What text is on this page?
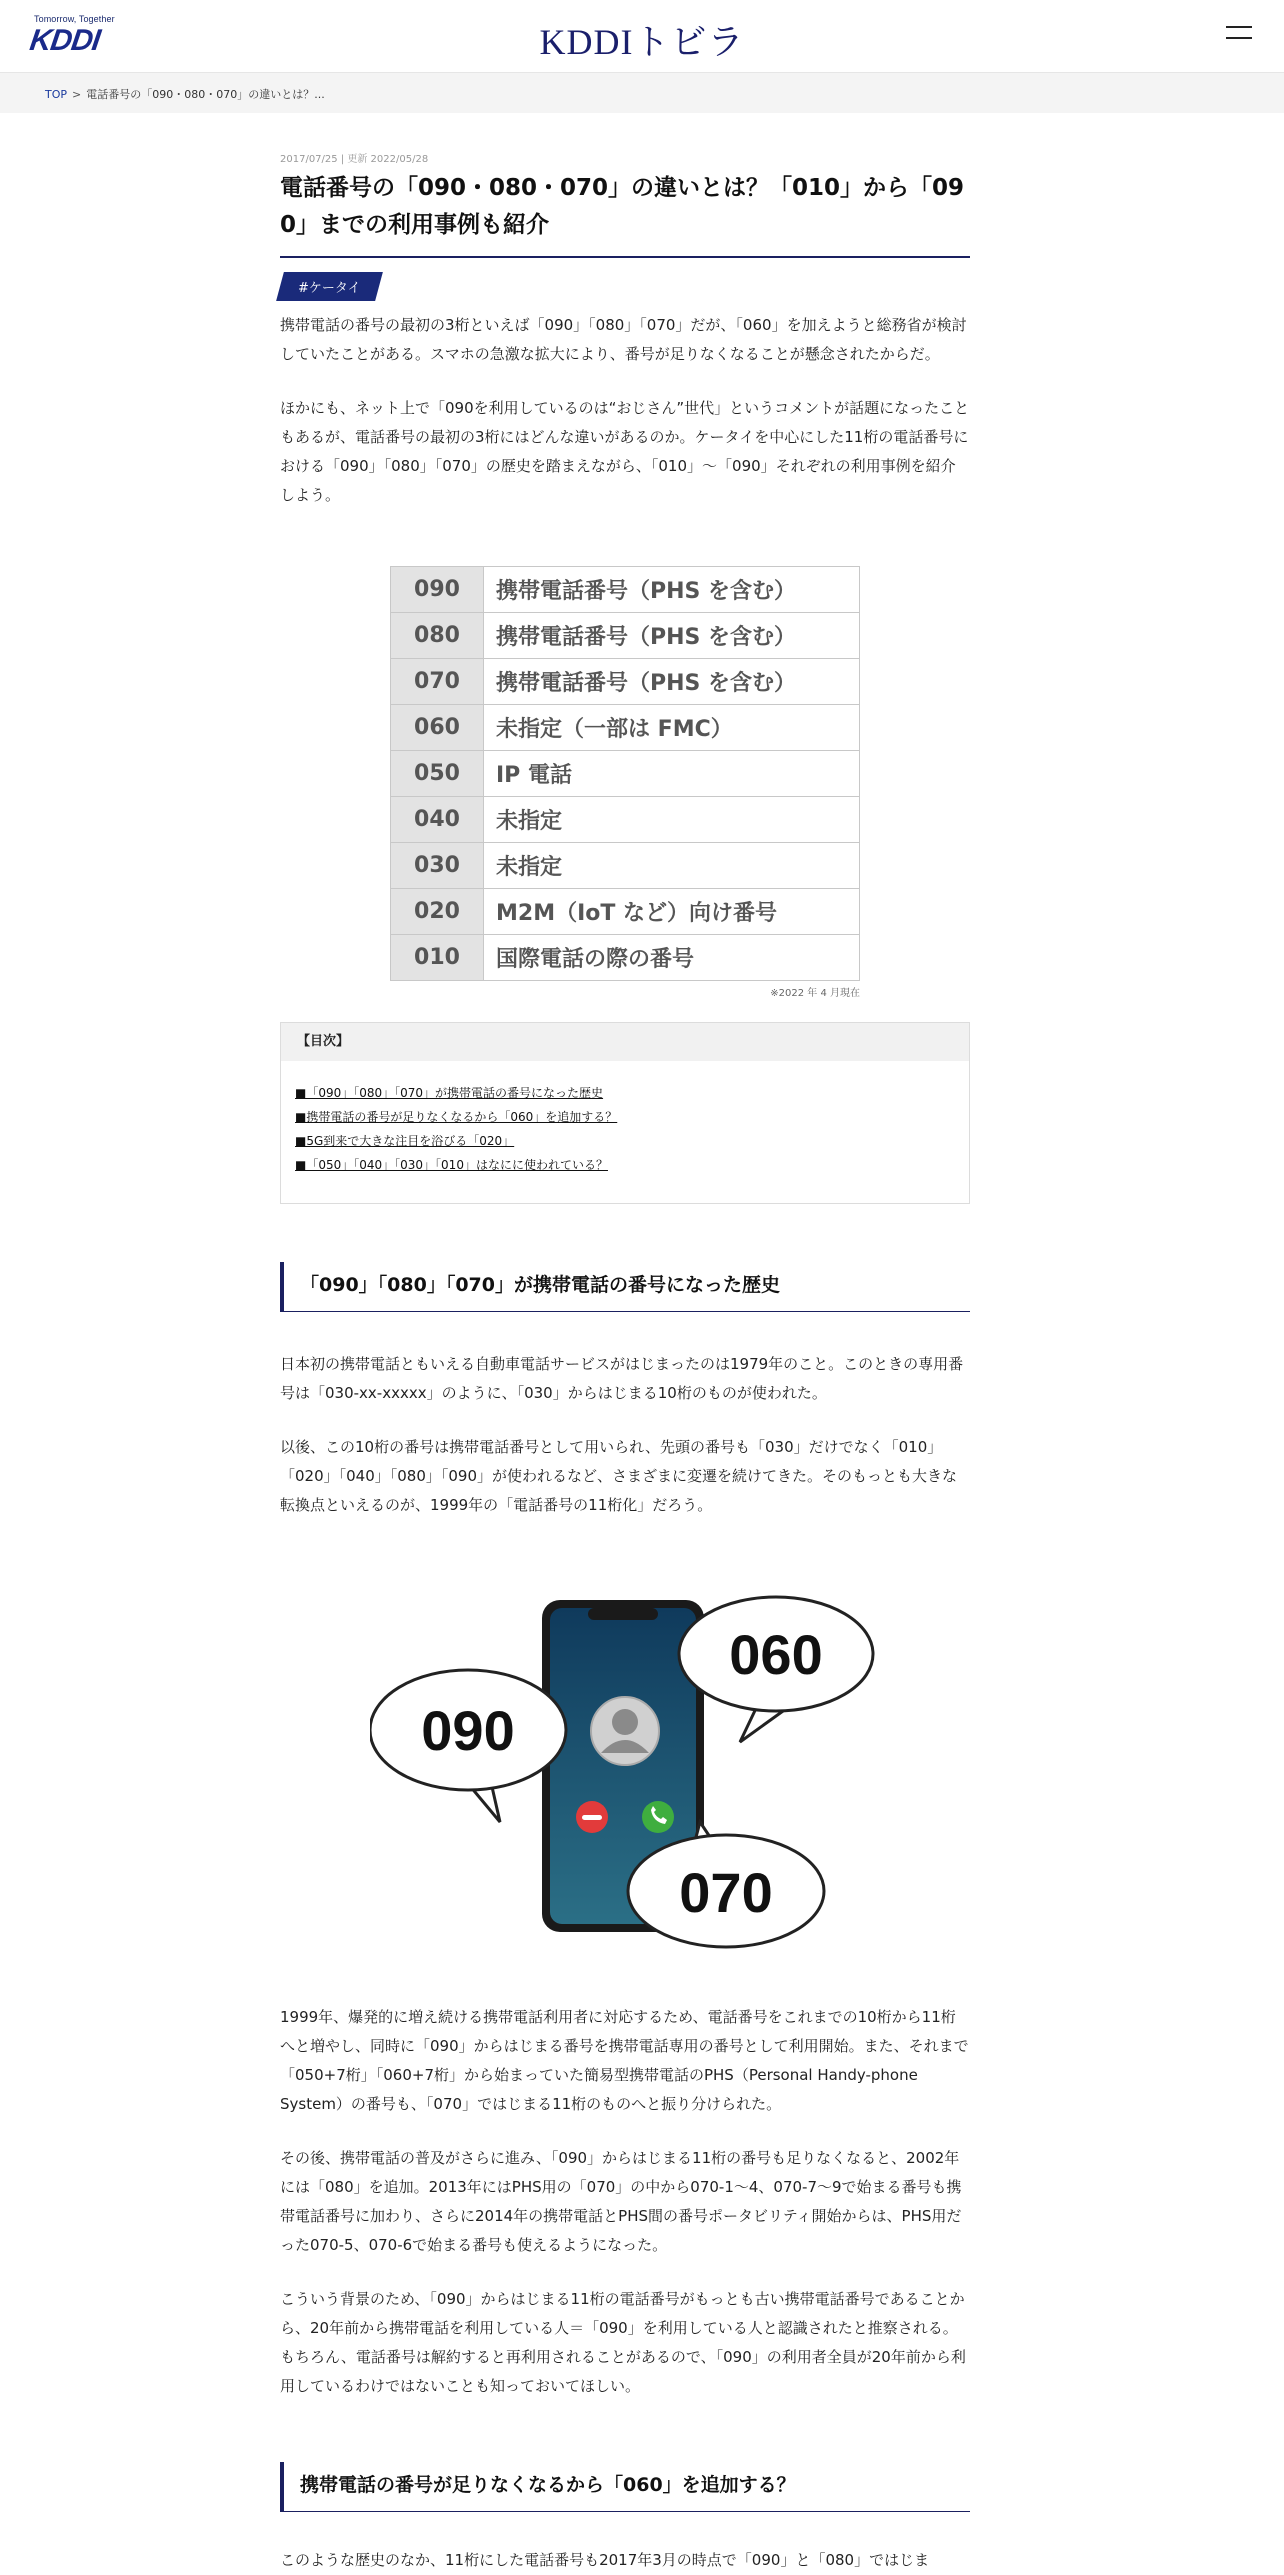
Tomorrow, Together
KDDI	KDDIトビラ
TOP > 電話番号の「090・080・070」の違いとは？...

2017/07/25 | 更新 2022/05/28

電話番号の「090・080・070」の違いとは？「010」から「09
0」までの利用事例も紹介
#ケータイ

携帯電話の番号の最初の3桁といえば「090」「080」「070」だが、「060」を加えようと総務省が検討していたことがある。スマホの急激な拡大により、番号が足りなくなることが懸念されたからだ。

ほかにも、ネット上で「090を利用しているのは“おじさん”世代」というコメントが話題になったこともあるが、電話番号の最初の3桁にはどんな違いがあるのか。ケータイを中心にした11桁の電話番号における「090」「080」「070」の歴史を踏まえながら、「010」～「090」それぞれの利用事例を紹介しよう。

090	携帯電話番号（PHS を含む）
080	携帯電話番号（PHS を含む）
070	携帯電話番号（PHS を含む）
060	未指定（一部は FMC）
050	IP 電話
040	未指定
030	未指定
020	M2M（IoT など）向け番号
010	国際電話の際の番号
※2022 年 4 月現在
【目次】
■「090」「080」「070」が携帯電話の番号になった歴史
■携帯電話の番号が足りなくなるから「060」を追加する？
■5G到来で大きな注目を浴びる「020」
■「050」「040」「030」「010」はなにに使われている？
「090」「080」「070」が携帯電話の番号になった歴史

日本初の携帯電話ともいえる自動車電話サービスがはじまったのは1979年のこと。このときの専用番号は「030-xx-xxxxx」のように、「030」からはじまる10桁のものが使われた。

以後、この10桁の番号は携帯電話番号として用いられ、先頭の番号も「030」だけでなく「010」「020」「040」「080」「090」が使われるなど、さまざまに変遷を続けてきた。そのもっとも大きな転換点といえるのが、1999年の「電話番号の11桁化」だろう。

090
060
070

1999年、爆発的に増え続ける携帯電話利用者に対応するため、電話番号をこれまでの10桁から11桁へと増やし、同時に「090」からはじまる番号を携帯電話専用の番号として利用開始。また、それまで「050+7桁」「060+7桁」から始まっていた簡易型携帯電話のPHS（Personal Handy-phone System）の番号も、「070」ではじまる11桁のものへと振り分けられた。

その後、携帯電話の普及がさらに進み、「090」からはじまる11桁の番号も足りなくなると、2002年には「080」を追加。2013年にはPHS用の「070」の中から070-1～4、070-7～9で始まる番号も携帯電話番号に加わり、さらに2014年の携帯電話とPHS間の番号ポータビリティ開始からは、PHS用だった070-5、070-6で始まる番号も使えるようになった。

こういう背景のため、「090」からはじまる11桁の電話番号がもっとも古い携帯電話番号であることから、20年前から携帯電話を利用している人＝「090」を利用している人と認識されたと推察される。もちろん、電話番号は解約すると再利用されることがあるので、「090」の利用者全員が20年前から利用しているわけではないことも知っておいてほしい。

携帯電話の番号が足りなくなるから「060」を追加する？

このような歴史のなか、11桁にした電話番号も2017年3月の時点で「090」と「080」ではじま
